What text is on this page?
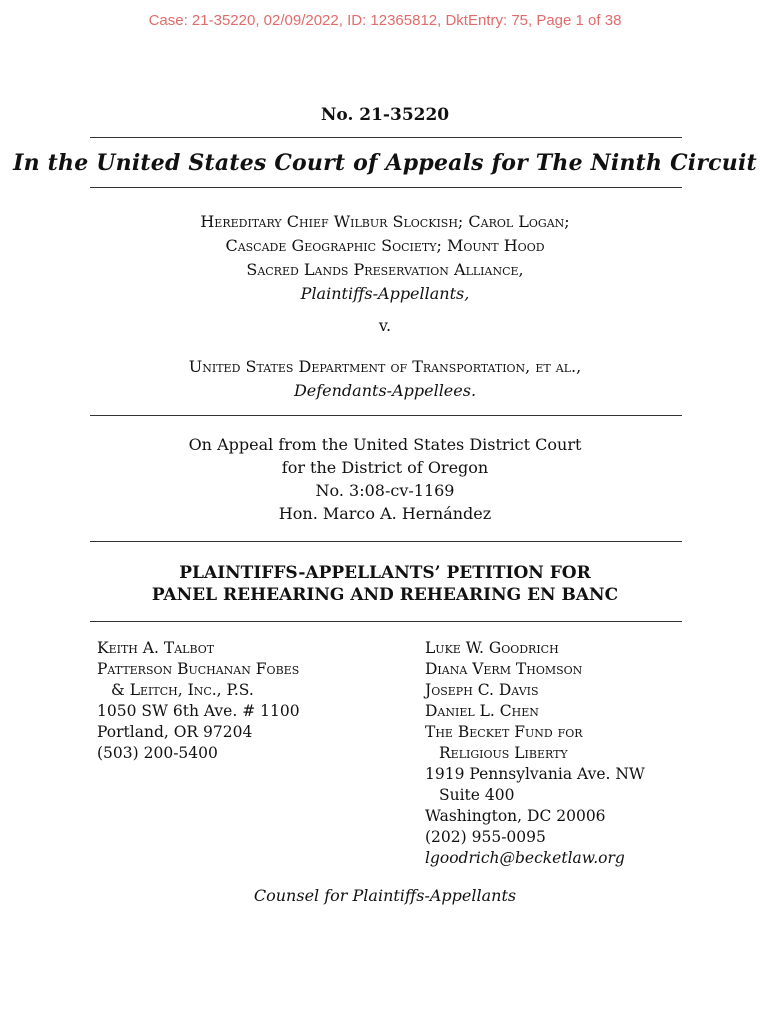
Case: 21-35220, 02/09/2022, ID: 12365812, DktEntry: 75, Page 1 of 38
No. 21-35220
In the United States Court of Appeals for The Ninth Circuit
Hereditary Chief Wilbur Slockish; Carol Logan;
Cascade Geographic Society; Mount Hood
Sacred Lands Preservation Alliance,
Plaintiffs-Appellants,
v.
United States Department of Transportation, et al.,
Defendants-Appellees.
On Appeal from the United States District Court
for the District of Oregon
No. 3:08-cv-1169
Hon. Marco A. Hernández
PLAINTIFFS-APPELLANTS’ PETITION FOR
PANEL REHEARING AND REHEARING EN BANC
Keith A. Talbot
Patterson Buchanan Fobes
& Leitch, Inc., P.S.
1050 SW 6th Ave. # 1100
Portland, OR 97204
(503) 200-5400
Luke W. Goodrich
Diana Verm Thomson
Joseph C. Davis
Daniel L. Chen
The Becket Fund for
Religious Liberty
1919 Pennsylvania Ave. NW
Suite 400
Washington, DC 20006
(202) 955-0095
lgoodrich@becketlaw.org
Counsel for Plaintiffs-Appellants
